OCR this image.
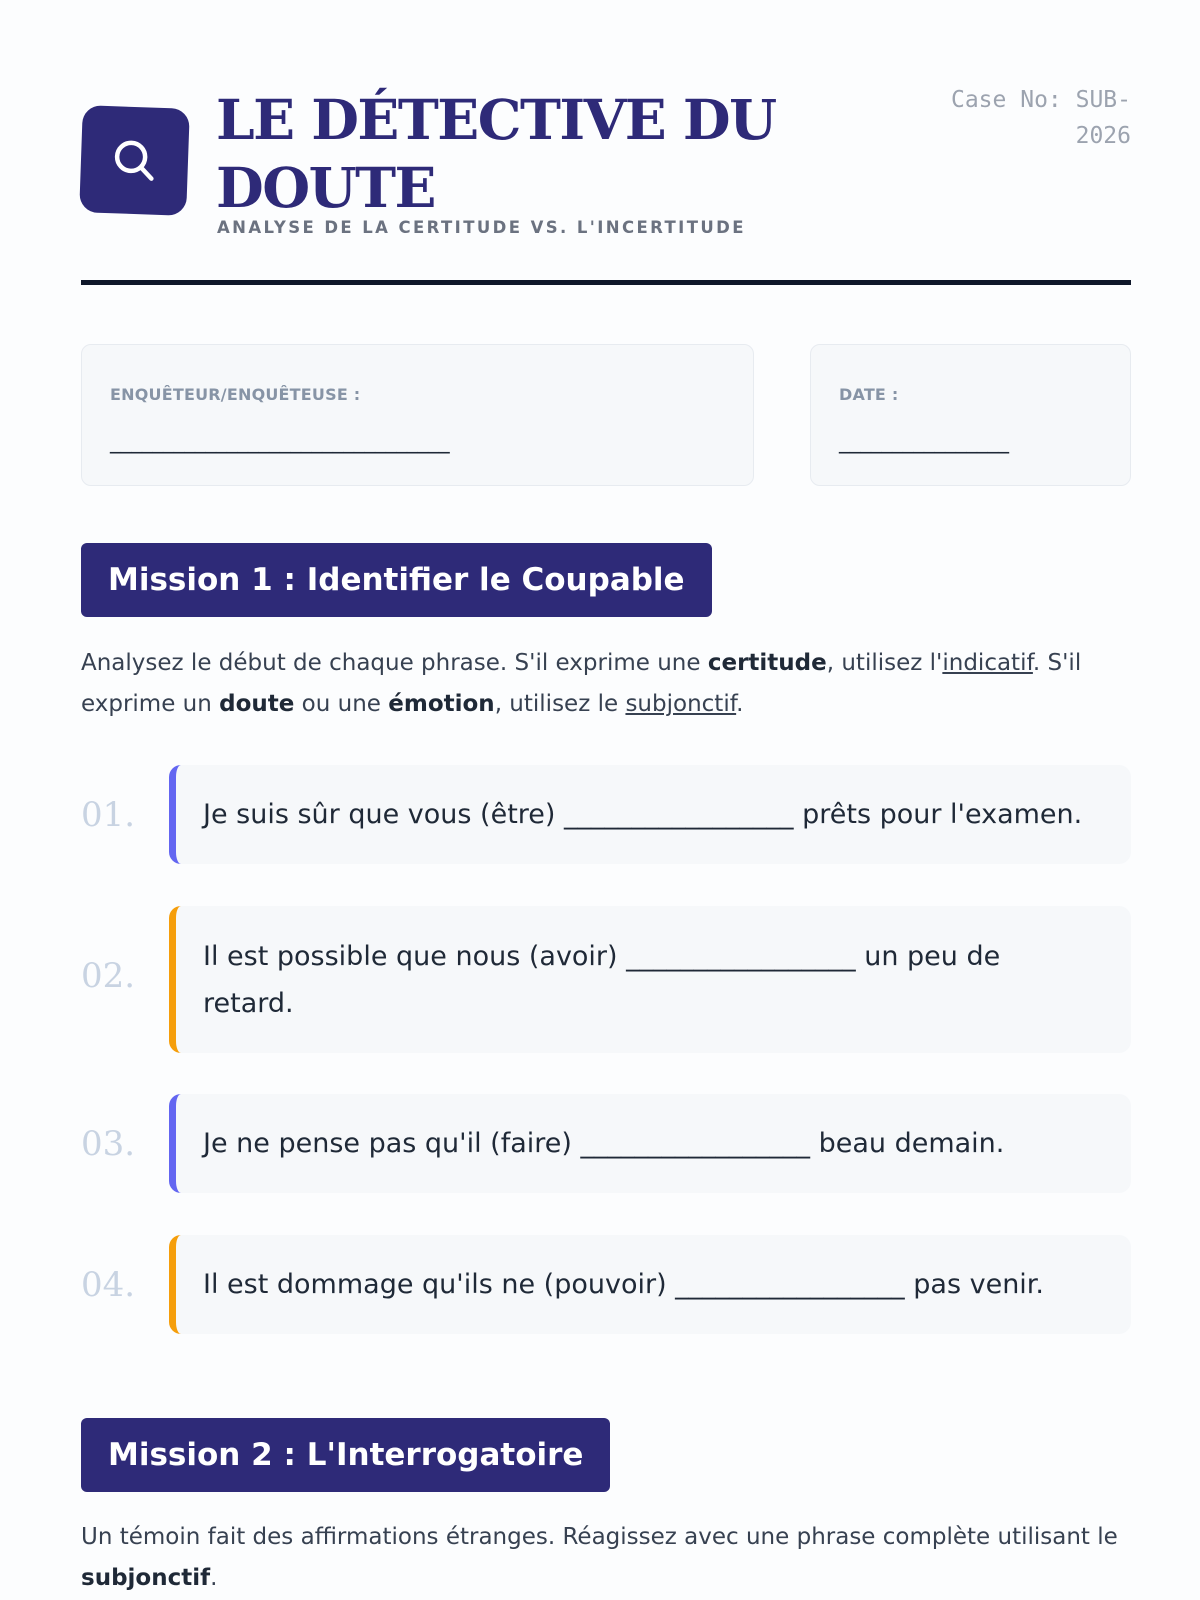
LE DÉTECTIVE DU DOUTE
ANALYSE DE LA CERTITUDE VS. L'INCERTITUDE
Case No: SUB-2026
ENQUÊTEUR/ENQUÊTEUSE :
________________________________
DATE :
________________
Mission 1 : Identifier le Coupable
Analysez le début de chaque phrase. S'il exprime une certitude, utilisez l'indicatif. S'il exprime un doute ou une émotion, utilisez le subjonctif.
01.	Je suis sûr que vous (être) _________________ prêts pour l'examen.
02.	Il est possible que nous (avoir) _________________ un peu de retard.
03.	Je ne pense pas qu'il (faire) _________________ beau demain.
04.	Il est dommage qu'ils ne (pouvoir) _________________ pas venir.
Mission 2 : L'Interrogatoire
Un témoin fait des affirmations étranges. Réagissez avec une phrase complète utilisant le subjonctif.
